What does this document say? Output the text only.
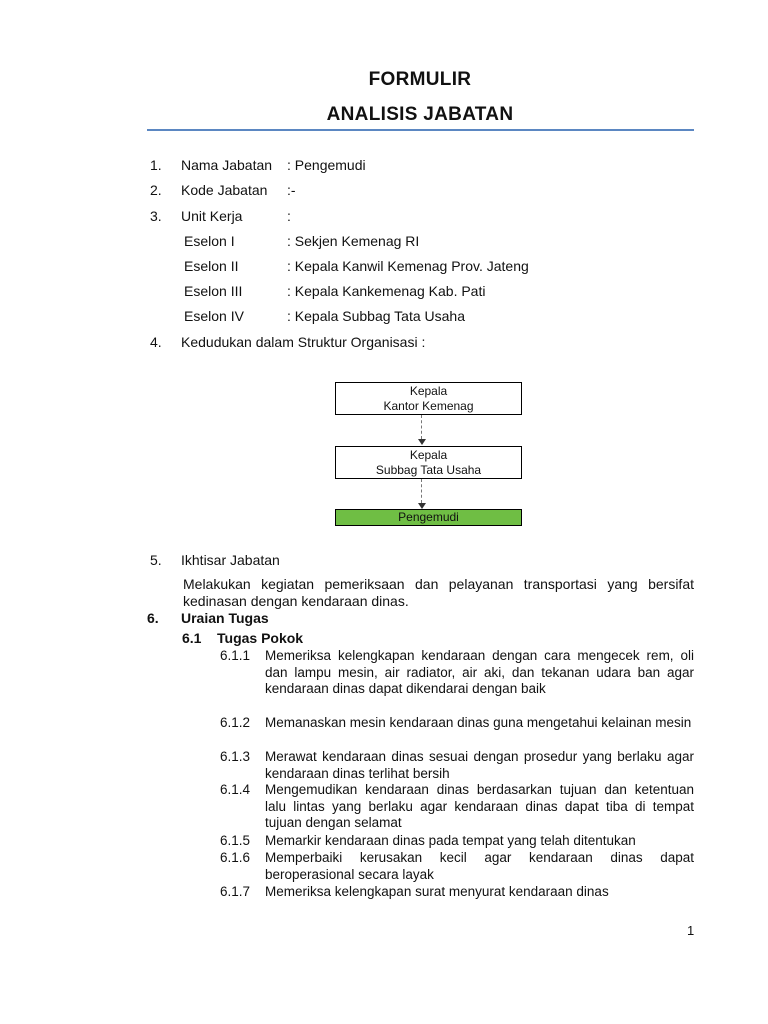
FORMULIR
ANALISIS JABATAN
1. Nama Jabatan : Pengemudi
2. Kode Jabatan :-
3. Unit Kerja	:
Eselon I	: Sekjen Kemenag RI
Eselon II	: Kepala Kanwil Kemenag Prov. Jateng
Eselon III	: Kepala Kankemenag Kab. Pati
Eselon IV	: Kepala Subbag Tata Usaha
4. Kedudukan dalam Struktur Organisasi :
Kepala
Kantor Kemenag
Kepala
Subbag Tata Usaha
Pengemudi
5. Ikhtisar Jabatan
Melakukan kegiatan pemeriksaan dan pelayanan transportasi yang bersifat kedinasan dengan kendaraan dinas.
6. Uraian Tugas
6.1 Tugas Pokok
6.1.1 Memeriksa kelengkapan kendaraan dengan cara mengecek rem, oli dan lampu mesin, air radiator, air aki, dan tekanan udara ban agar kendaraan dinas dapat dikendarai dengan baik
6.1.2 Memanaskan mesin kendaraan dinas guna mengetahui kelainan mesin
6.1.3 Merawat kendaraan dinas sesuai dengan prosedur yang berlaku agar kendaraan dinas terlihat bersih
6.1.4 Mengemudikan kendaraan dinas berdasarkan tujuan dan ketentuan lalu lintas yang berlaku agar kendaraan dinas dapat tiba di tempat tujuan dengan selamat
6.1.5 Memarkir kendaraan dinas pada tempat yang telah ditentukan
6.1.6 Memperbaiki kerusakan kecil agar kendaraan dinas dapat beroperasional secara layak
6.1.7 Memeriksa kelengkapan surat menyurat kendaraan dinas
1
